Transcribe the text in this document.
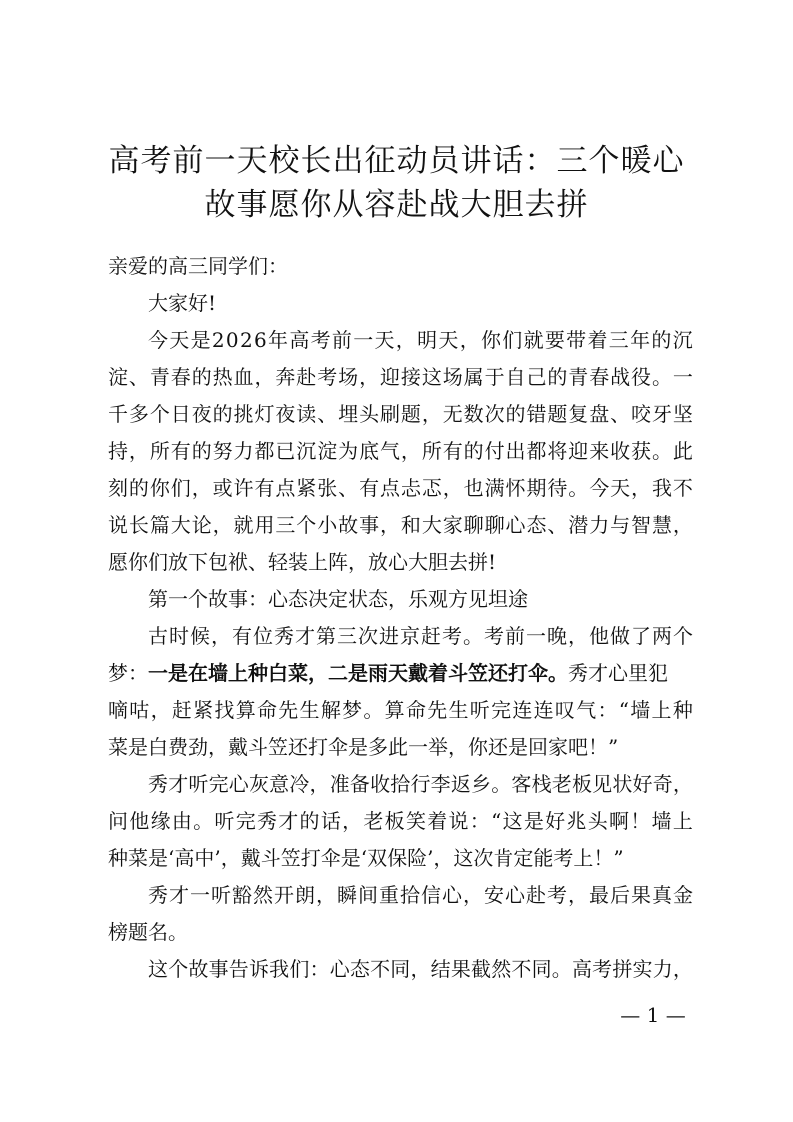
高考前一天校长出征动员讲话：三个暖心
故事愿你从容赴战大胆去拼
亲爱的高三同学们：
大家好!
今 天 是 2 0 2 6 年 高 考 前 一 天 ， 明 天 ， 你 们 就 要 带 着 三 年 的 沉
淀 、 青 春 的 热 血 ， 奔 赴 考 场 ， 迎 接 这 场 属 于 自 己 的 青 春 战 役 。 一
千 多 个 日 夜 的 挑 灯 夜 读 、 埋 头 刷 题 ， 无 数 次 的 错 题 复 盘 、 咬 牙 坚
持 ， 所 有 的 努 力 都 已 沉 淀 为 底 气 ， 所 有 的 付 出 都 将 迎 来 收 获 。 此
刻 的 你 们 ， 或 许 有 点 紧 张 、 有 点 忐 忑 ， 也 满 怀 期 待 。 今 天 ， 我 不
说 长 篇 大 论 ， 就 用 三 个 小 故 事 ， 和 大 家 聊 聊 心 态 、 潜 力 与 智 慧 ，
愿你们放下包袱、轻装上阵，放心大胆去拼!
第一个故事：心态决定状态，乐观方见坦途
古 时 候 ， 有 位 秀 才 第 三 次 进 京 赶 考 。 考 前 一 晚 ， 他 做 了 两 个
梦： 一是在墙上种白菜，二是雨天戴着斗笠还打伞。 秀才心里犯
嘀 咕 ， 赶 紧 找 算 命 先 生 解 梦 。 算 命 先 生 听 完 连 连 叹 气 ： “ 墙 上 种
菜是白费劲，戴斗笠还打伞是多此一举，你还是回家吧！”
秀 才 听 完 心 灰 意 冷 ， 准 备 收 拾 行 李 返 乡 。 客 栈 老 板 见 状 好 奇 ，
问 他 缘 由 。 听 完 秀 才 的 话 ， 老 板 笑 着 说 ： “ 这 是 好 兆 头 啊 ！ 墙 上
种菜是‘高中’，戴斗笠打伞是‘双保险’，这次肯定能考上！”
秀 才 一 听 豁 然 开 朗 ， 瞬 间 重 拾 信 心 ， 安 心 赴 考 ， 最 后 果 真 金
榜题名。
这 个 故 事 告 诉 我 们 ： 心 态 不 同 ， 结 果 截 然 不 同 。 高 考 拼 实 力 ，
— 1 —
